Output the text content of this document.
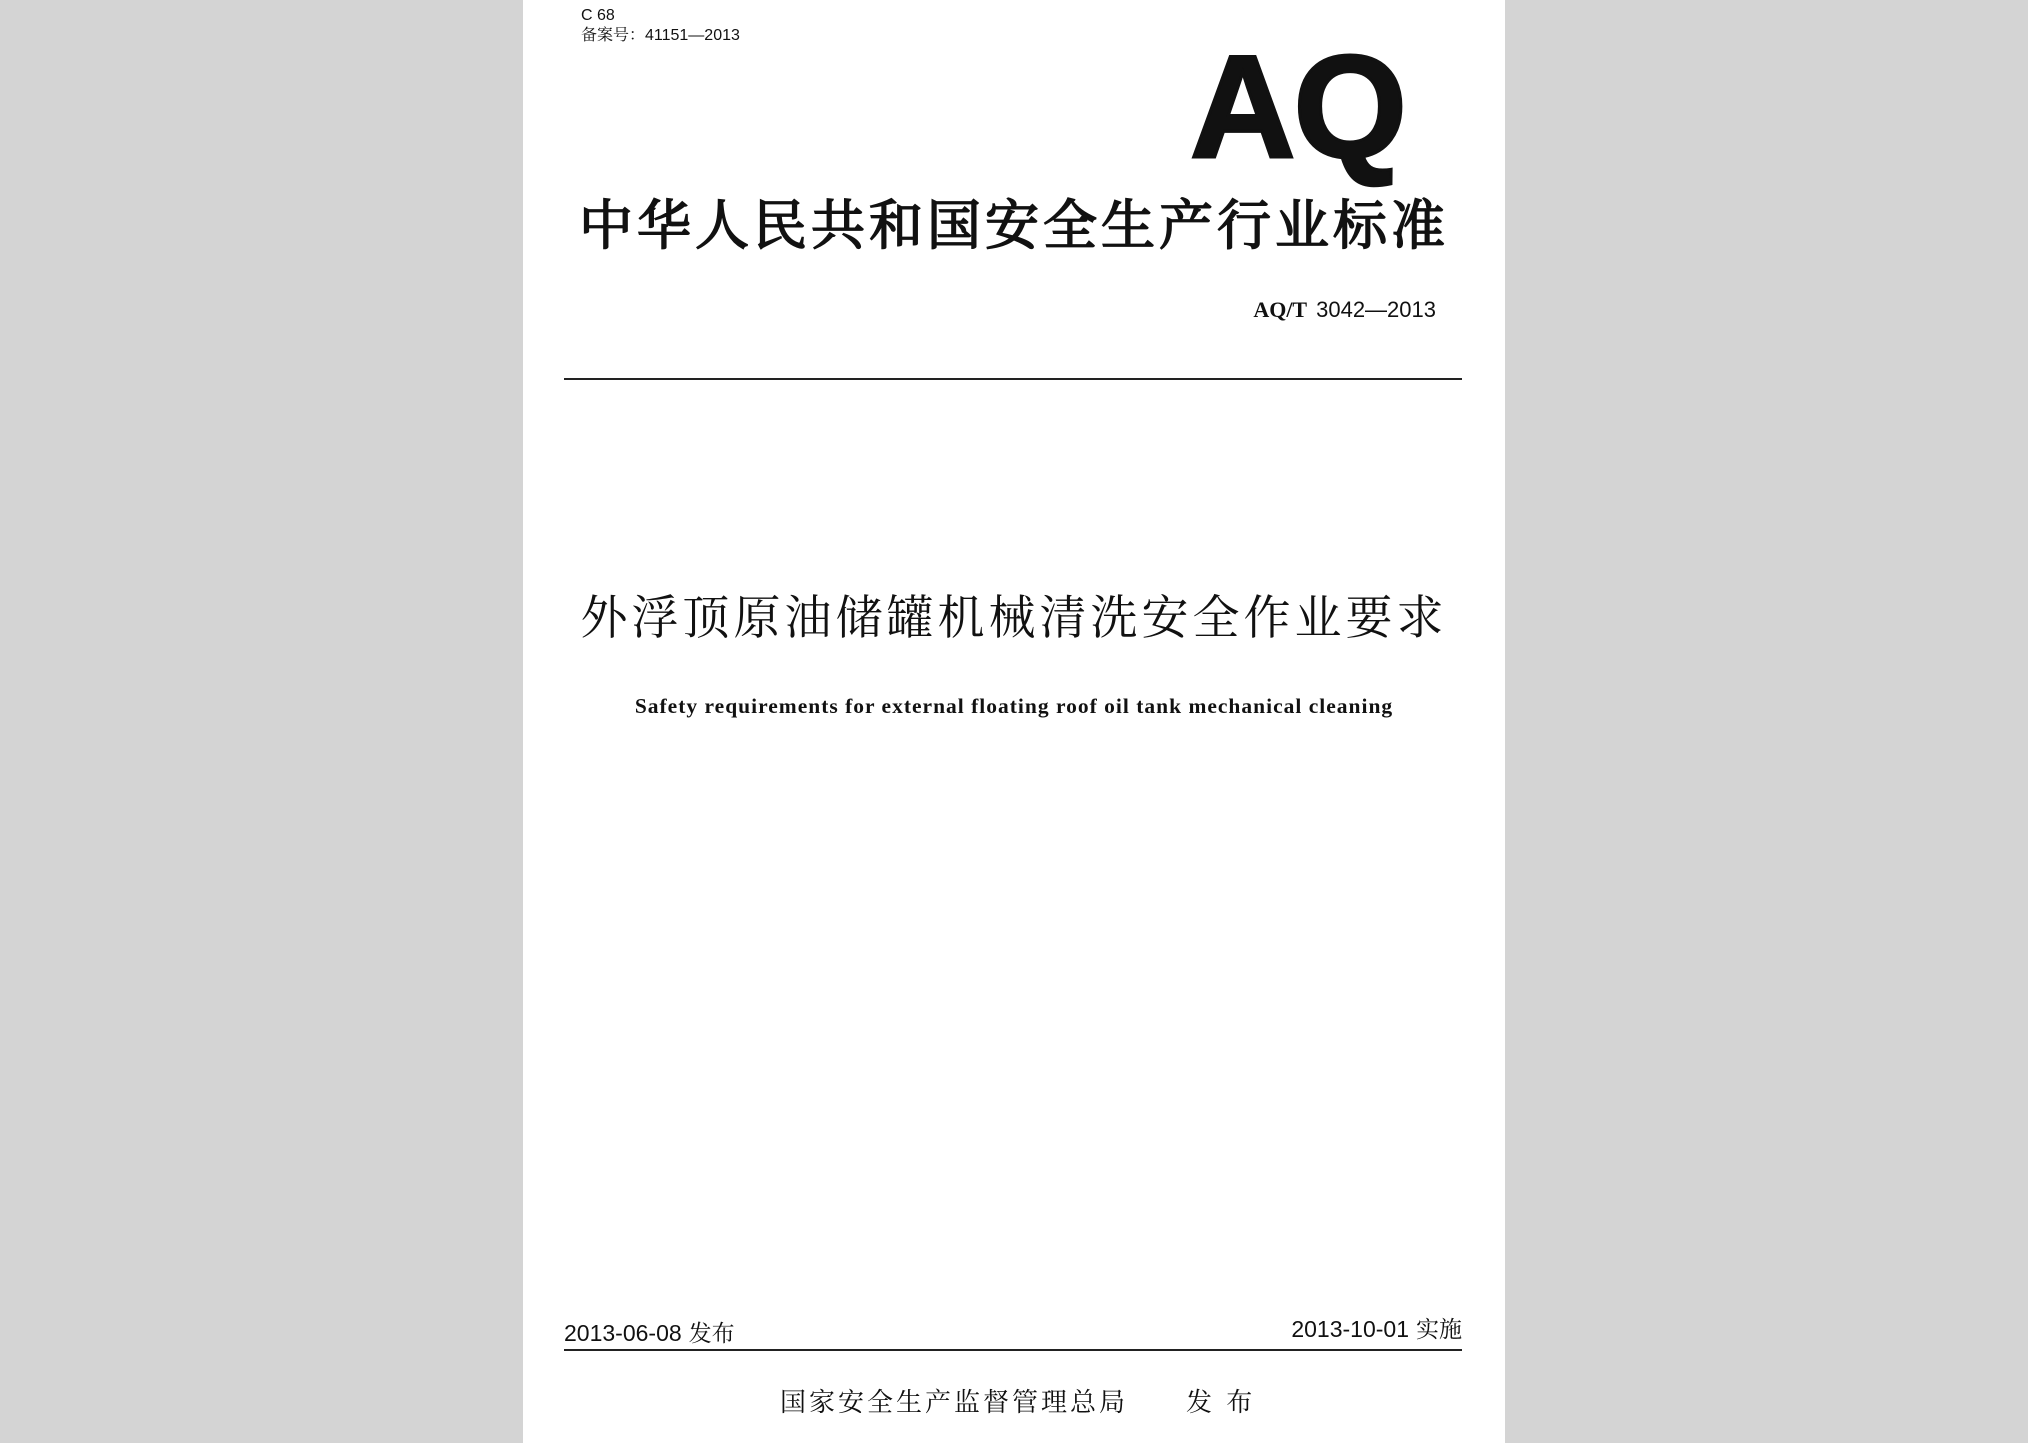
C 68
备案号：41151—2013	AQ
中华人民共和国安全生产行业标准
AQ/T 3042—2013
外浮顶原油储罐机械清洗安全作业要求
Safety requirements for external floating roof oil tank mechanical cleaning
2013-06-08 发布	2013-10-01 实施
国家安全生产监督管理总局 发 布
